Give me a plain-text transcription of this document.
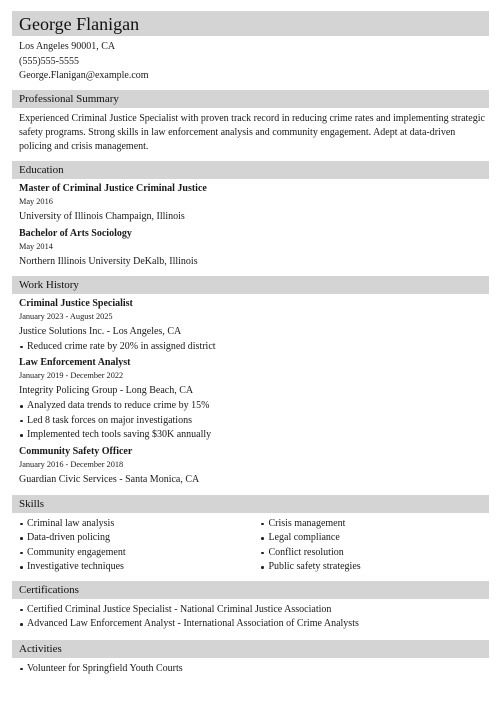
George Flanigan
Los Angeles 90001, CA
(555)555-5555
George.Flanigan@example.com
Professional Summary
Experienced Criminal Justice Specialist with proven track record in reducing crime rates and implementing strategic safety programs. Strong skills in law enforcement analysis and community engagement. Adept at data-driven policing and crisis management.
Education
Master of Criminal Justice Criminal Justice
May 2016
University of Illinois Champaign, Illinois
Bachelor of Arts Sociology
May 2014
Northern Illinois University DeKalb, Illinois
Work History
Criminal Justice Specialist
January 2023 - August 2025
Justice Solutions Inc. - Los Angeles, CA
Reduced crime rate by 20% in assigned district
Law Enforcement Analyst
January 2019 - December 2022
Integrity Policing Group - Long Beach, CA
Analyzed data trends to reduce crime by 15%
Led 8 task forces on major investigations
Implemented tech tools saving $30K annually
Community Safety Officer
January 2016 - December 2018
Guardian Civic Services - Santa Monica, CA
Skills
Criminal law analysis
Data-driven policing
Community engagement
Investigative techniques
Crisis management
Legal compliance
Conflict resolution
Public safety strategies
Certifications
Certified Criminal Justice Specialist - National Criminal Justice Association
Advanced Law Enforcement Analyst - International Association of Crime Analysts
Activities
Volunteer for Springfield Youth Courts
